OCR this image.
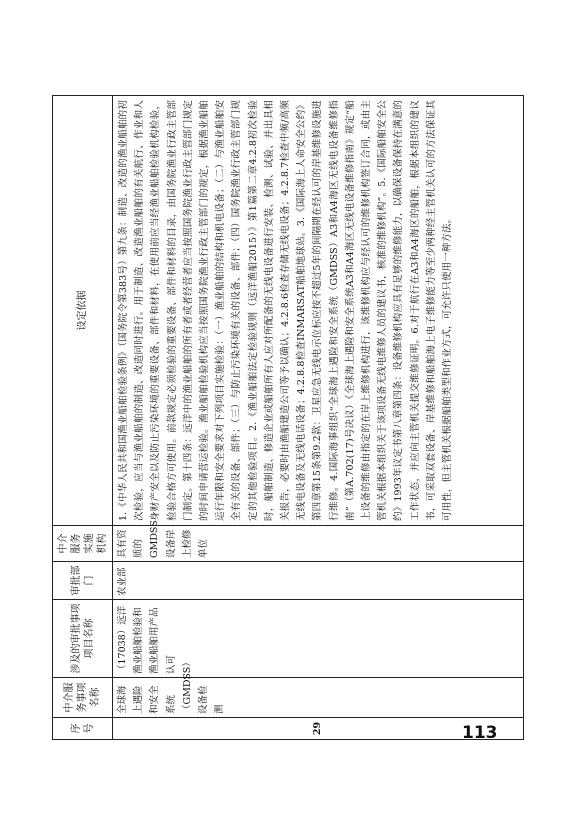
序号	中介服务事项名称	涉及的审批事项项目名称	审批部门	中介服务实施机构	设定依据
29	全球海上遇险和安全系统（GMDSS）设备检测	（17038）远洋渔业船舶检验和渔业船舶用产品认可	农业部	具有资质的GMDSS设备岸上检修单位	1.《中华人民共和国渔业船舶检验条例》（国务院令第383号）第九条：制造、改造的渔业船舶的初次检验，应当与渔业船舶的制造、改造同时进行。用于制造、改造渔业船舶的有关航行、作业和人身财产安全以及防止污染环境的重要设备、部件和材料，在使用前应当经渔业船舶检验机构检验，检验合格方可使用。前款规定必须检验的重要设备、部件和材料的目录，由国务院渔业行政主管部门制定。第十四条：远洋中的渔业船舶的所有者或者经营者应当按照国务院渔业行政主管部门规定的时间申请营运检验。渔业船舶检验机构应当按照国务院渔业行政主管部门的规定，根据渔业船舶运行年限和安全要求对下列项目实施检验：（一）渔业船舶的结构和机电设备；（二）与渔业船舶安全有关的设备、部件；（三）与防止污染环境有关的设备、部件；（四）国务院渔业行政主管部门规定的其他检验项目。2.《渔业船舶法定检验规则（远洋渔船2015）》第1篇第二章4.2.8初次检验时，船舶制造、修造企业或船舶所有人应对所配备的无线电设备进行安装、检测、试验、并出具相关报告，必要时由渔船建造公司等予以确认；4.2.8.6检查存储无线电设备；4.2.8.7检查中频/高频无线电设备及无线电话设备；4.2.8.8检查INMARSAT船舶地球站。3.《国际海上人命安全公约》第四章第15条第9.2款：卫星应急无线电示位标应按不超过5年的间隔期在经认可的岸基维修设施进行维修。4.国际海事组织“全球海上遇险和安全系统（GMDSS）A3和A4海区无线电设备维修指南”（第A.702(17)号决议）《全球海上遇险和安全系统A3和A4海区无线电设备维修指南》规定“船上设备的维修由指定的在岸上维修机构进行，该维修机构应与经认可的维修机构签订合同，或由主管机关根据本组织关于该项设备无线电维修人员的建议书，核准的维修机构”。5.《国际船舶安全公约》1993年议定书第八章第四条：设备维修机构应具有足够的维修能力，以确保设备保持在满意的工作状态，并应向主管机关提交维修证明。6.对于航行在A3和A4海区的船舶，根据本组织的建议书，可采取双套设备、岸基维修和船舶海上电子维修能力等至少两种经主管机关认可的方法保证其可用性，但主管机关根据船舶类型和作业方式，可允许只使用一种方法。
113
